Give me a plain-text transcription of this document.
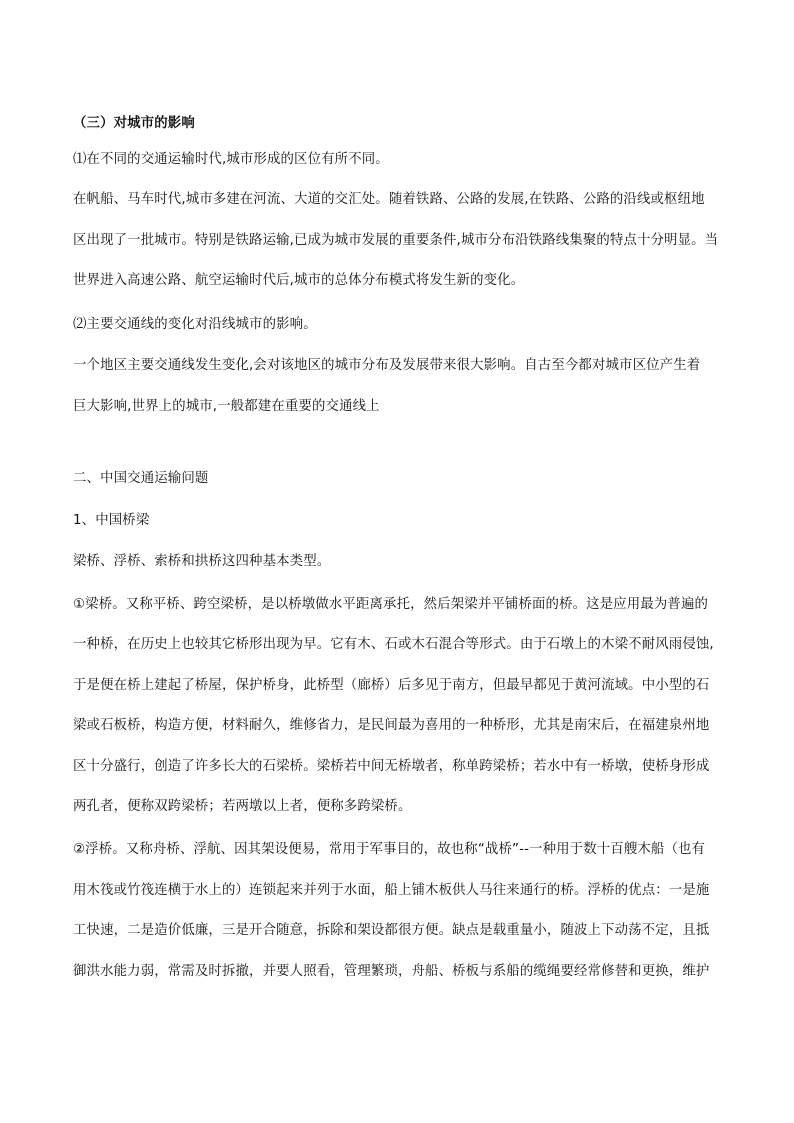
（三）对城市的影响
⑴在不同的交通运输时代,城市形成的区位有所不同。
在帆船、马车时代,城市多建在河流、大道的交汇处。随着铁路、公路的发展,在铁路、公路的沿线或枢纽地
区出现了一批城市。特别是铁路运输,已成为城市发展的重要条件,城市分布沿铁路线集聚的特点十分明显。当
世界进入高速公路、航空运输时代后,城市的总体分布模式将发生新的变化。
⑵主要交通线的变化对沿线城市的影响。
一个地区主要交通线发生变化,会对该地区的城市分布及发展带来很大影响。自古至今都对城市区位产生着
巨大影响,世界上的城市,一般都建在重要的交通线上
二、中国交通运输问题
1、中国桥梁
梁桥、浮桥、索桥和拱桥这四种基本类型。
①梁桥。又称平桥、跨空梁桥，是以桥墩做水平距离承托，然后架梁并平铺桥面的桥。这是应用最为普遍的
一种桥，在历史上也较其它桥形出现为早。它有木、石或木石混合等形式。由于石墩上的木梁不耐风雨侵蚀,
于是便在桥上建起了桥屋，保护桥身，此桥型（廊桥）后多见于南方，但最早都见于黄河流域。中小型的石
梁或石板桥，构造方便，材料耐久，维修省力，是民间最为喜用的一种桥形，尤其是南宋后，在福建泉州地
区十分盛行，创造了许多长大的石梁桥。梁桥若中间无桥墩者，称单跨梁桥；若水中有一桥墩，使桥身形成
两孔者，便称双跨梁桥；若两墩以上者，便称多跨梁桥。
②浮桥。又称舟桥、浮航、因其架设便易，常用于军事目的，故也称“战桥”--一种用于数十百艘木船（也有
用木筏或竹筏连横于水上的）连锁起来并列于水面，船上铺木板供人马往来通行的桥。浮桥的优点：一是施
工快速，二是造价低廉，三是开合随意，拆除和架设都很方便。缺点是载重量小，随波上下动荡不定，且抵
御洪水能力弱，常需及时拆撤，并要人照看，管理繁琐，舟船、桥板与系船的缆绳要经常修替和更换，维护
